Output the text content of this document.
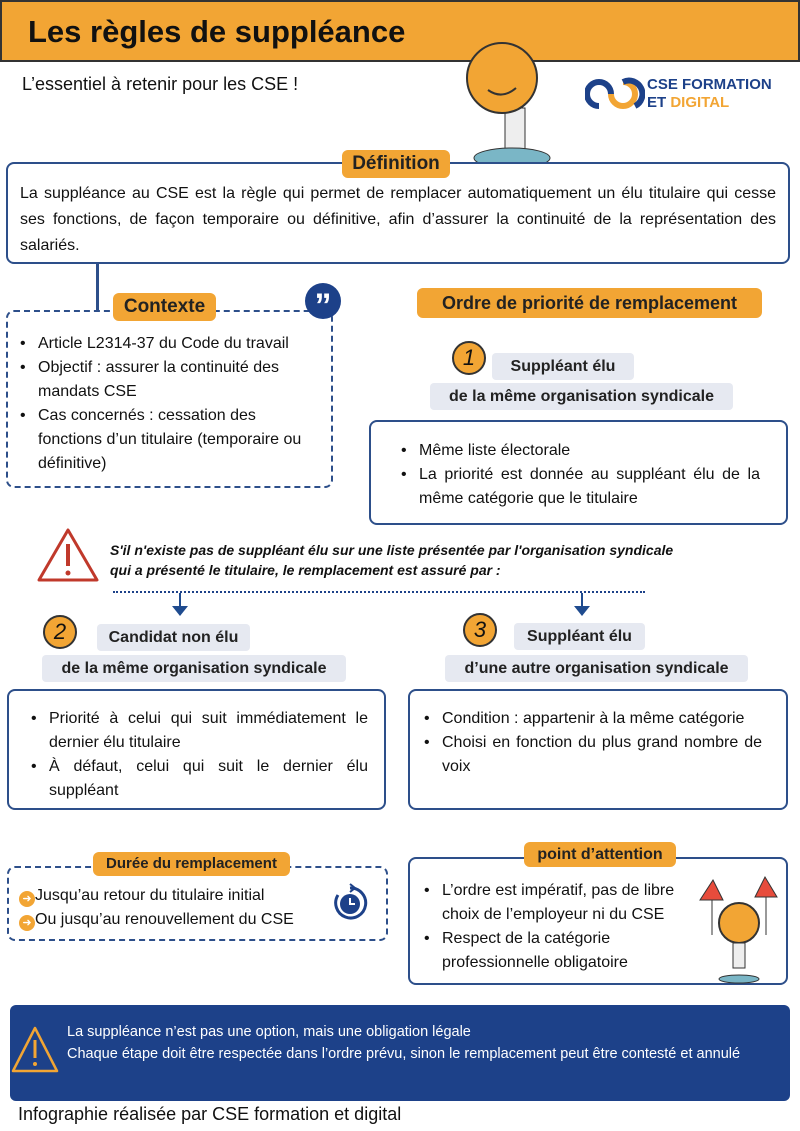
Les règles de suppléance
L’essentiel à retenir pour les CSE !	CSE FORMATION
ET DIGITAL
La suppléance au CSE est la règle qui permet de remplacer automatiquement un élu titulaire qui cesse ses fonctions, de façon temporaire ou définitive, afin d’assurer la continuité de la représentation des salariés.
Définition
• Article L2314-37 du Code du travail
• Objectif : assurer la continuité des mandats CSE
• Cas concernés : cessation des fonctions d’un titulaire (temporaire ou définitive)
Contexte	”	Ordre de priorité de remplacement
1	Suppléant élu
de la même organisation syndicale
• Même liste électorale
• La priorité est donnée au suppléant élu de la même catégorie que le titulaire
S'il n'existe pas de suppléant élu sur une liste présentée par l'organisation syndicale qui a présenté le titulaire, le remplacement est assuré par :
2	Candidat non élu
de la même organisation syndicale
• Priorité à celui qui suit immédiatement le dernier élu titulaire
• À défaut, celui qui suit le dernier élu suppléant
3	Suppléant élu
d’une autre organisation syndicale
• Condition : appartenir à la même catégorie
• Choisi en fonction du plus grand nombre de voix
➜ Jusqu’au retour du titulaire initial
➜ Ou jusqu’au renouvellement du CSE
Durée du remplacement
• L’ordre est impératif, pas de libre choix de l’employeur ni du CSE
• Respect de la catégorie professionnelle obligatoire
point d’attention
La suppléance n’est pas une option, mais une obligation légale
Chaque étape doit être respectée dans l’ordre prévu, sinon le remplacement peut être contesté et annulé
Infographie réalisée par CSE formation et digital
